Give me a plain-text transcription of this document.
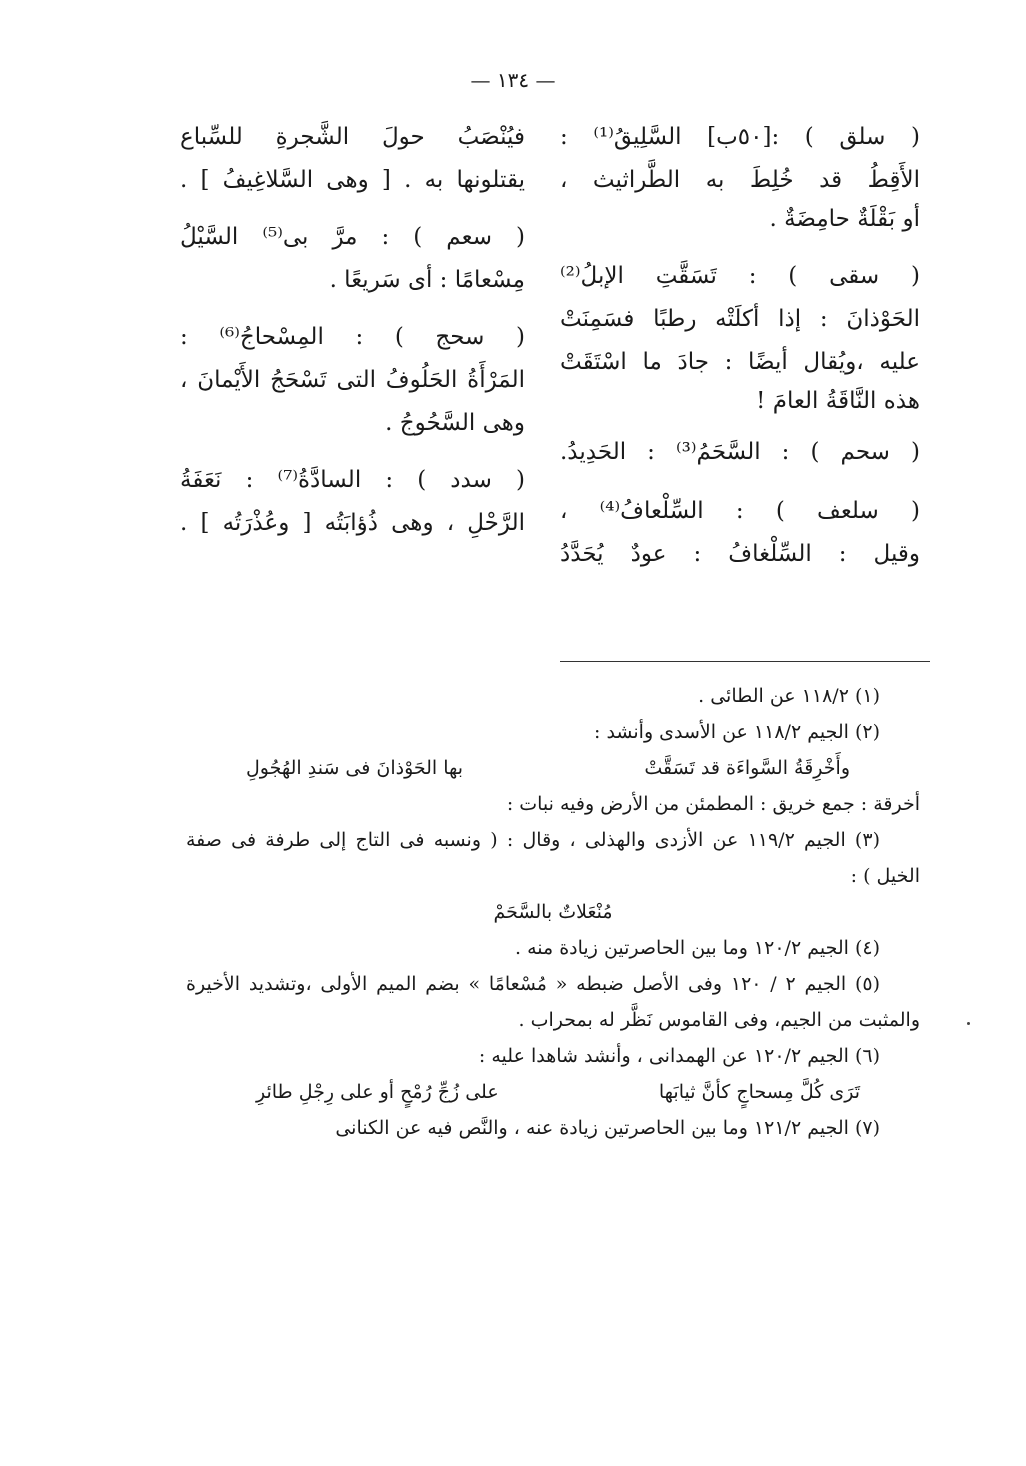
— ١٣٤ —
( سلق ) :[٥٠ب] السَّلِيقُ⁽¹⁾ :
الأَقِطُ قد خُلِطَ به الطَّراثيث ،
أو بَقْلَةٌ حامِضَةٌ .
( سقى ) : تَسَقَّتِ الإبلُ⁽²⁾
الحَوْذانَ : إذا أكلَتْه رطبًا فسَمِنَتْ
عليه ،ويُقال أيضًا : جادَ ما اسْتَقَتْ
هذه النَّاقَةُ العامَ !
( سحم ) : السَّحَمُ⁽³⁾ : الحَدِيدُ.
( سلعف ) : السِّلْعافُ⁽⁴⁾ ،
وقيل : السِّلْغافُ : عودٌ يُحَدَّدُ
فيُنْصَبُ حولَ الشَّجرةِ للسِّباع
يقتلونها به . [ وهى السَّلاغِيفُ ] .
( سعم ) : مرَّ بى⁽⁵⁾ السَّيْلُ
مِسْعامًا : أى سَريعًا .
( سحج ) : المِسْحاجُ⁽⁶⁾ :
المَرْأَةُ الحَلُوفُ التى تَسْحَجُ الأَيْمانَ ،
وهى السَّحُوجُ .
( سدد ) : السادَّةُ⁽⁷⁾ : نَعَفَةُ
الرَّحْلِ ، وهى ذُؤابَتُه [ وعُذْرَتُه ] .
(١) ١١٨/٢ عن الطائى .
(٢) الجيم ١١٨/٢ عن الأسدى وأنشد :
وأَخْرِقَةُ السَّواءَة قد تَسَقَّتْ
بها الحَوْذانَ فى سَندِ الهُجُولِ
أخرقة : جمع خريق : المطمئن من الأرض وفيه نبات :
(٣) الجيم ١١٩/٢ عن الأزدى والهذلى ، وقال : ( ونسبه فى التاج إلى طرفة فى صفة
الخيل ) :
مُنْعَلاتٌ بالسَّحَمْ
(٤) الجيم ١٢٠/٢ وما بين الحاصرتين زيادة منه .
(٥) الجيم ٢ / ١٢٠ وفى الأصل ضبطه « مُسْعامًا » بضم الميم الأولى ،وتشديد الأخيرة
والمثبت من الجيم، وفى القاموس نَظَّر له بمحراب .
(٦) الجيم ١٢٠/٢ عن الهمدانى ، وأنشد شاهدا عليه :
تَرَى كُلَّ مِسحاجٍ كأنَّ ثيابَها
على زُجِّ رُمْحٍ أو على رِجْلِ طائرِ
(٧) الجيم ١٢١/٢ وما بين الحاصرتين زيادة عنه ، والنَّص فيه عن الكنانى
